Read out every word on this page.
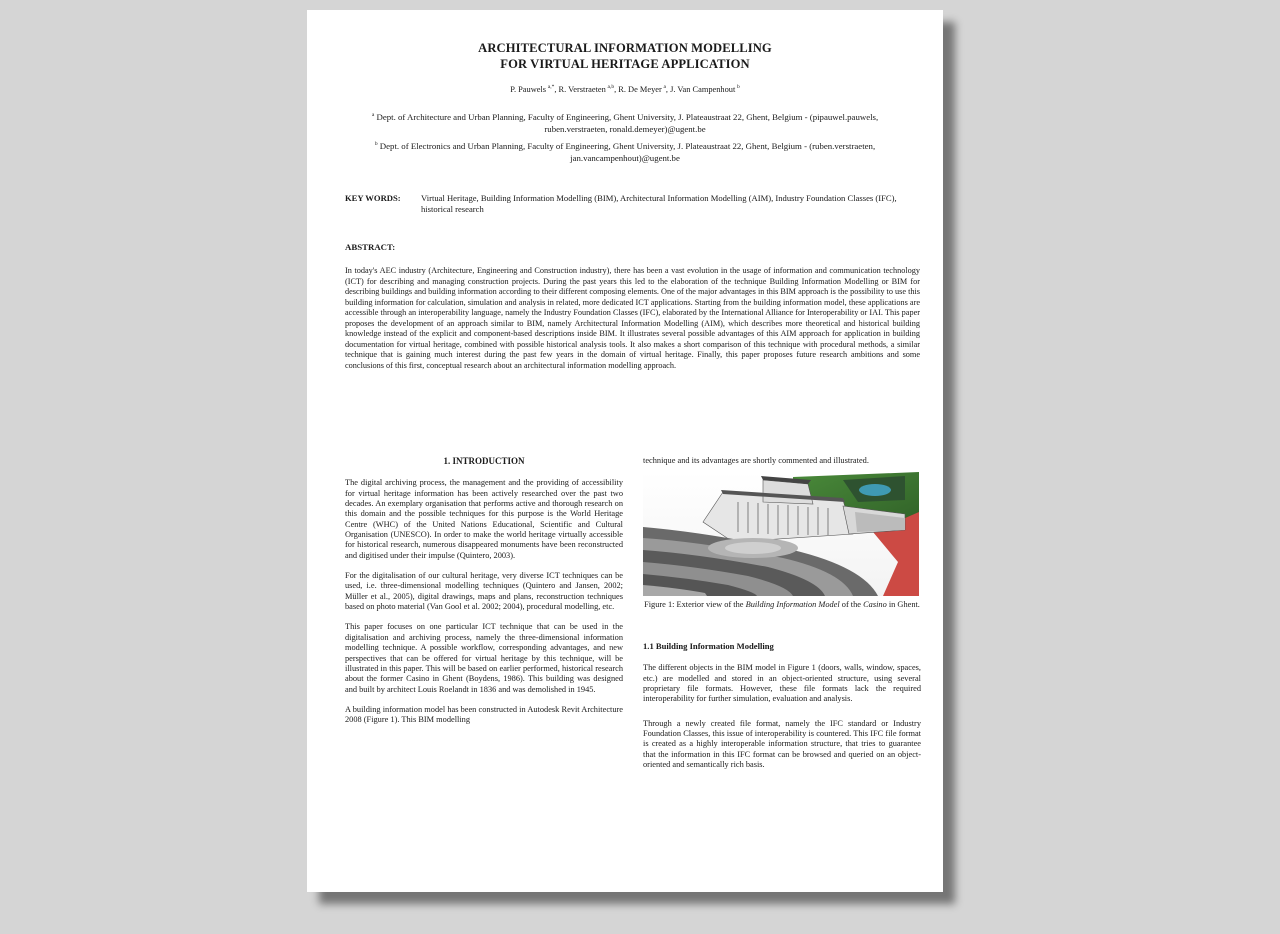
ARCHITECTURAL INFORMATION MODELLING
FOR VIRTUAL HERITAGE APPLICATION
P. Pauwels  $^{a,*}$, R. Verstraeten  $^{a,b}$, R. De Meyer  $^a$, J. Van Campenhout  $^b$
$^a$ Dept. of Architecture and Urban Planning, Faculty of Engineering, Ghent University, J. Plateaustraat 22, Ghent, Belgium - (pipauwel.pauwels, ruben.verstraeten, ronald.demeyer)@ugent.be
$^b$ Dept. of Electronics and Urban Planning, Faculty of Engineering, Ghent University, J. Plateaustraat 22, Ghent, Belgium - (ruben.verstraeten, jan.vancampenhout)@ugent.be
KEY WORDS:	Virtual Heritage, Building Information Modelling (BIM), Architectural Information Modelling (AIM), Industry Foundation Classes (IFC), historical research
ABSTRACT:
In today's AEC industry (Architecture, Engineering and Construction industry), there has been a vast evolution in the usage of information and communication technology (ICT) for describing and managing construction projects. During the past years this led to the elaboration of the technique Building Information Modelling or BIM for describing buildings and building information according to their different composing elements. One of the major advantages in this BIM approach is the possibility to use this building information for calculation, simulation and analysis in related, more dedicated ICT applications. Starting from the building information model, these applications are accessible through an interoperability language, namely the Industry Foundation Classes (IFC), elaborated by the International Alliance for Interoperability or IAI. This paper proposes the development of an approach similar to BIM, namely Architectural Information Modelling (AIM), which describes more theoretical and historical building knowledge instead of the explicit and component-based descriptions inside BIM. It illustrates several possible advantages of this AIM approach for application in building documentation for virtual heritage, combined with possible historical analysis tools. It also makes a short comparison of this technique with procedural methods, a similar technique that is gaining much interest during the past few years in the domain of virtual heritage. Finally, this paper proposes future research ambitions and some conclusions of this first, conceptual research about an architectural information modelling approach.
1. INTRODUCTION

The digital archiving process, the management and the providing of accessibility for virtual heritage information has been actively researched over the past two decades. An exemplary organisation that performs active and thorough research on this domain and the possible techniques for this purpose is the World Heritage Centre (WHC) of the United Nations Educational, Scientific and Cultural Organisation (UNESCO). In order to make the world heritage virtually accessible for historical research, numerous disappeared monuments have been reconstructed and digitised under their impulse (Quintero, 2003).

For the digitalisation of our cultural heritage, very diverse ICT techniques can be used, i.e. three-dimensional modelling techniques (Quintero and Jansen, 2002; Müller et al., 2005), digital drawings, maps and plans, reconstruction techniques based on photo material (Van Gool et al. 2002; 2004), procedural modelling, etc.

This paper focuses on one particular ICT technique that can be used in the digitalisation and archiving process, namely the three-dimensional information modelling technique. A possible workflow, corresponding advantages, and new perspectives that can be offered for virtual heritage by this technique, will be illustrated in this paper. This will be based on earlier performed, historical research about the former Casino in Ghent (Boydens, 1986). This building was designed and built by architect Louis Roelandt in 1836 and was demolished in 1945.

A building information model has been constructed in Autodesk Revit Architecture 2008 (Figure 1). This BIM modelling

technique and its advantages are shortly commented and illustrated.

Figure 1: Exterior view of the Building Information Model of the Casino in Ghent.
1.1 Building Information Modelling

The different objects in the BIM model in Figure 1 (doors, walls, window, spaces, etc.) are modelled and stored in an object-oriented structure, using several proprietary file formats. However, these file formats lack the required interoperability for further simulation, evaluation and analysis.

Through a newly created file format, namely the IFC standard or Industry Foundation Classes, this issue of interoperability is countered. This IFC file format is created as a highly interoperable information structure, that tries to guarantee that the information in this IFC format can be browsed and queried on an object-oriented and semantically rich basis.
